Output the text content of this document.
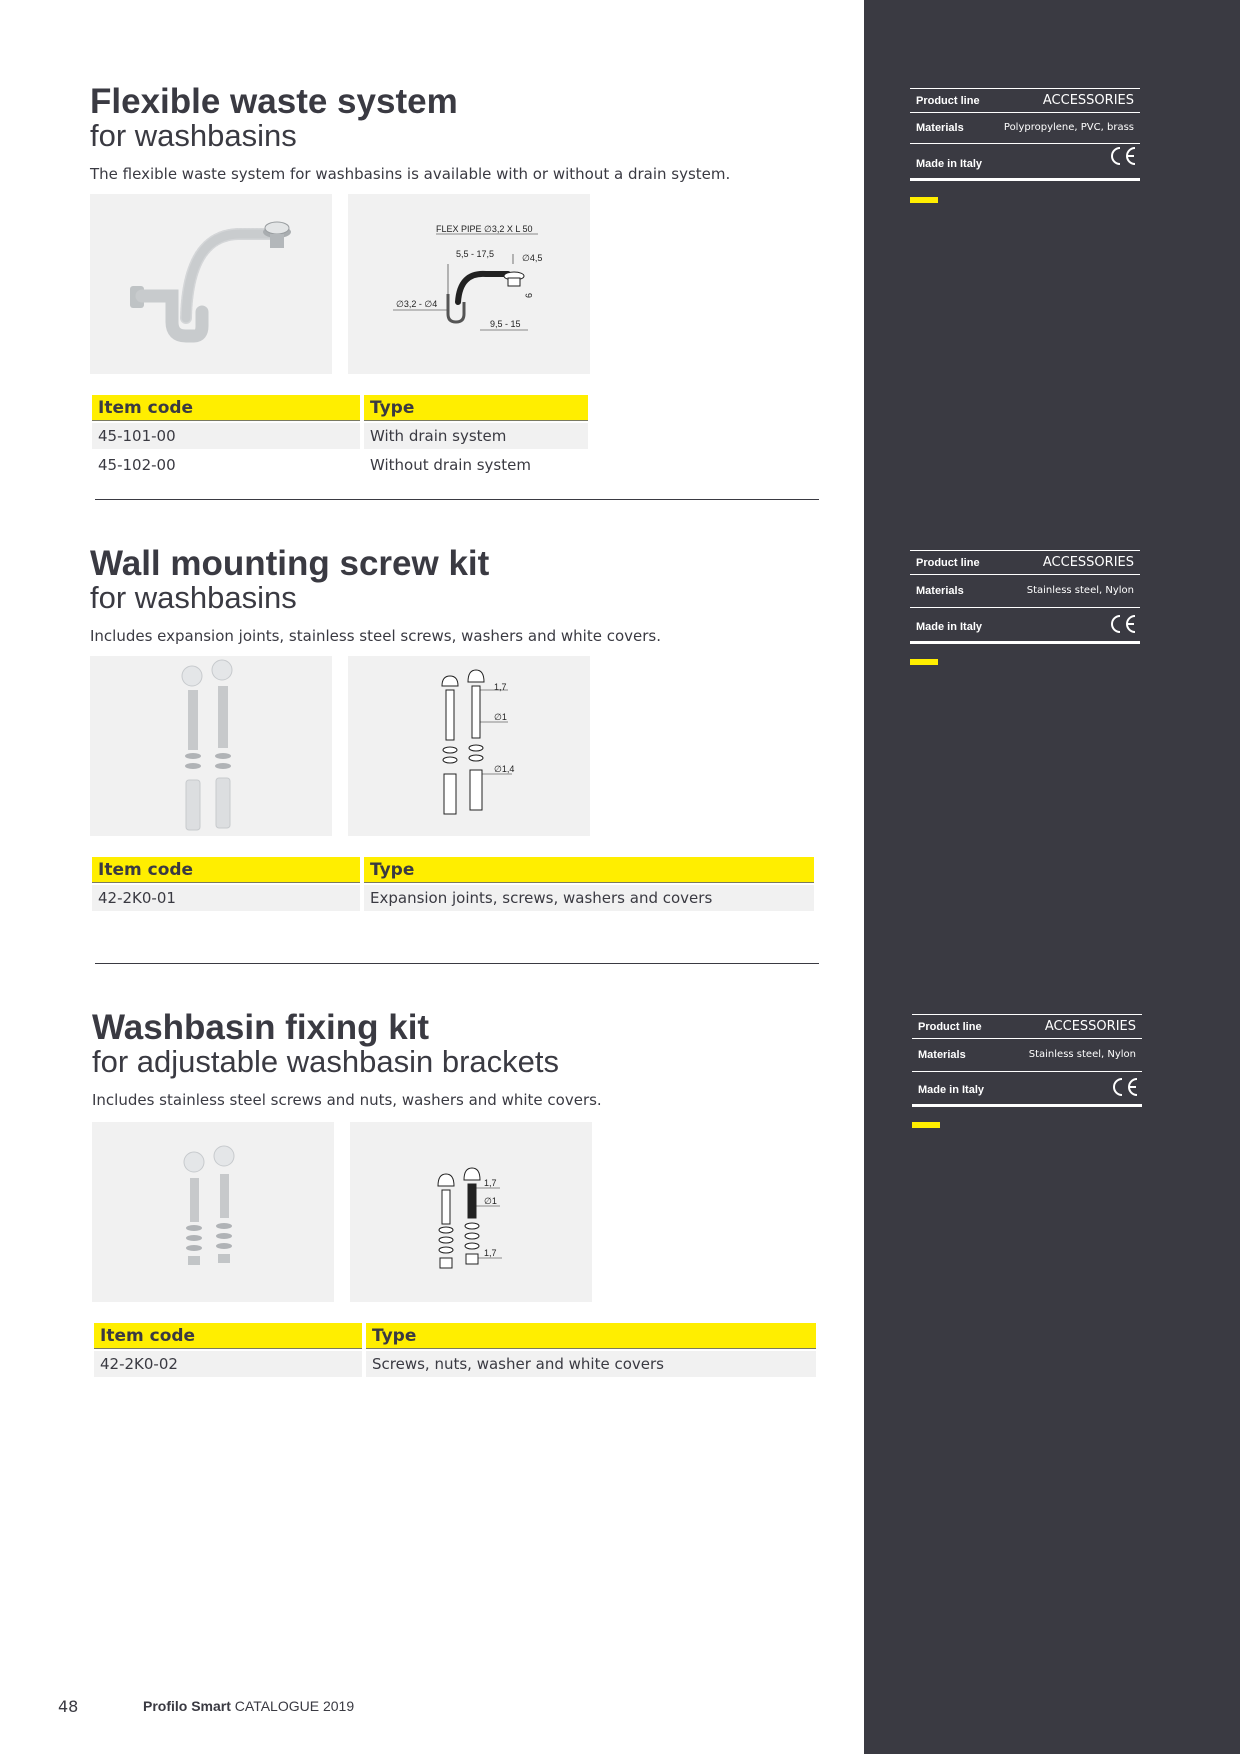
Flexible waste system
for washbasins
The flexible waste system for washbasins is available with or without a drain system.
FLEX PIPE ∅3,2 X L 50
5,5 - 17,5	∅4,5
∅3,2 - ∅4
9,5 - 15
6
Item code	Type
45-101-00	With drain system
45-102-00	Without drain system
Wall mounting screw kit
for washbasins
Includes expansion joints, stainless steel screws, washers and white covers.
1,7
∅1
∅1,4
Item code	Type
42-2K0-01	Expansion joints, screws, washers and covers
Washbasin fixing kit
for adjustable washbasin brackets
Includes stainless steel screws and nuts, washers and white covers.
1,7
∅1
1,7
Item code	Type
42-2K0-02	Screws, nuts, washer and white covers
Product line	ACCESSORIES
Materials	Polypropylene, PVC, brass
Made in Italy
Product line	ACCESSORIES
Materials	Stainless steel, Nylon
Made in Italy
Product line	ACCESSORIES
Materials	Stainless steel, Nylon
Made in Italy
48	Profilo Smart CATALOGUE 2019
